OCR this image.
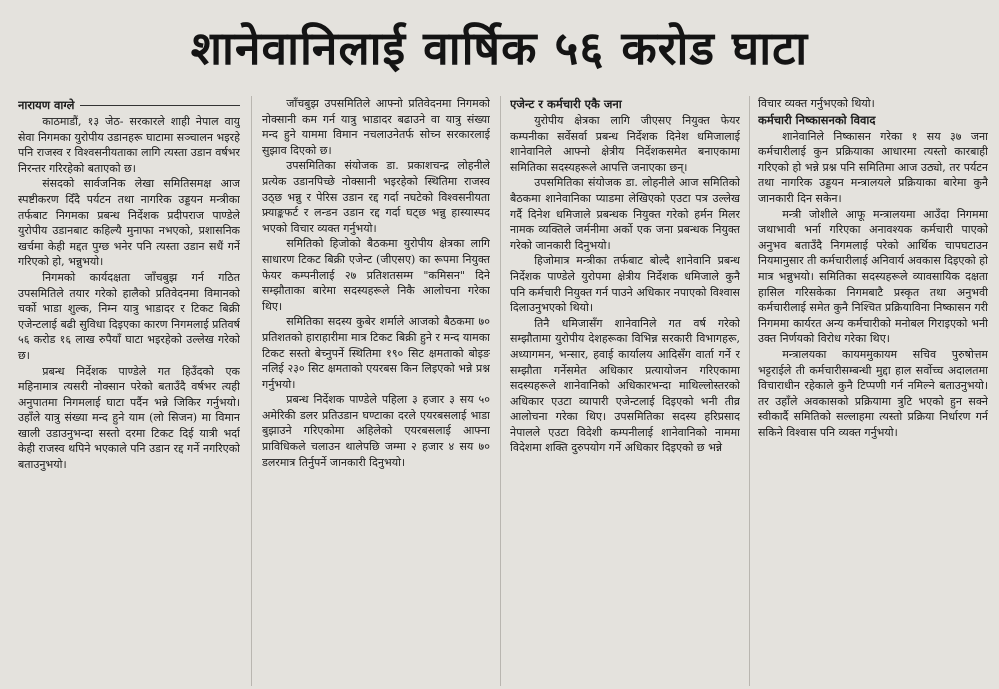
शानेवानिलाई वार्षिक ५६ करोड घाटा
नारायण वाग्ले

काठमाडौं, १३ जेठ- सरकारले शाही नेपाल वायु सेवा निगमका युरोपीय उडानहरू घाटामा सञ्चालन भइरहे पनि राजस्व र विश्वसनीयताका लागि त्यस्ता उडान वर्षभर निरन्तर गरिरहेको बताएको छ।

संसदको सार्वजनिक लेखा समितिसमक्ष आज स्पष्टीकरण दिँदै पर्यटन तथा नागरिक उड्डयन मन्त्रीका तर्फबाट निगमका प्रबन्ध निर्देशक प्रदीपराज पाण्डेले युरोपीय उडानबाट कहिल्यै मुनाफा नभएको, प्रशासनिक खर्चमा केही मद्दत पुग्छ भनेर पनि त्यस्ता उडान सधैं गर्ने गरिएको हो, भन्नुभयो।

निगमको कार्यदक्षता जाँचबुझ गर्न गठित उपसमितिले तयार गरेको हालैको प्रतिवेदनमा विमानको चर्को भाडा शुल्क, निम्न यात्रु भाडादर र टिकट बिक्री एजेन्टलाई बढी सुविधा दिइएका कारण निगमलाई प्रतिवर्ष ५६ करोड १६ लाख रुपैयाँ घाटा भइरहेको उल्लेख गरेको छ।

प्रबन्ध निर्देशक पाण्डेले गत हिउँदको एक महिनामात्र त्यसरी नोक्सान परेको बताउँदै वर्षभर त्यही अनुपातमा निगमलाई घाटा पर्दैन भन्ने जिकिर गर्नुभयो। उहाँले यात्रु संख्या मन्द हुने याम (लो सिजन) मा विमान खाली उडाउनुभन्दा सस्तो दरमा टिकट दिई यात्री भर्दा केही राजस्व थपिने भएकाले पनि उडान रद्द गर्ने नगरिएको बताउनुभयो।

जाँचबुझ उपसमितिले आफ्नो प्रतिवेदनमा निगमको नोक्सानी कम गर्न यात्रु भाडादर बढाउने वा यात्रु संख्या मन्द हुने याममा विमान नचलाउनेतर्फ सोच्न सरकारलाई सुझाव दिएको छ।

उपसमितिका संयोजक डा. प्रकाशचन्द्र लोहनीले प्रत्येक उडानपिच्छे नोक्सानी भइरहेको स्थितिमा राजस्व उठ्छ भन्नु र पेरिस उडान रद्द गर्दा नघटेको विश्वसनीयता फ्र्याङ्कफर्ट र लन्डन उडान रद्द गर्दा घट्छ भन्नु हास्यास्पद भएको विचार व्यक्त गर्नुभयो।

समितिको हिजोको बैठकमा युरोपीय क्षेत्रका लागि साधारण टिकट बिक्री एजेन्ट (जीएसए) का रूपमा नियुक्त फेयर कम्पनीलाई २७ प्रतिशतसम्म "कमिसन" दिने सम्झौताका बारेमा सदस्यहरूले निकै आलोचना गरेका थिए।

समितिका सदस्य कुबेर शर्माले आजको बैठकमा ७० प्रतिशतको हाराहारीमा मात्र टिकट बिक्री हुने र मन्द यामका टिकट सस्तो बेच्नुपर्ने स्थितिमा १९० सिट क्षमताको बोइङ नलिई २३० सिट क्षमताको एयरबस किन लिइएको भन्ने प्रश्न गर्नुभयो।

प्रबन्ध निर्देशक पाण्डेले पहिला ३ हजार ३ सय ५० अमेरिकी डलर प्रतिउडान घण्टाका दरले एयरबसलाई भाडा बुझाउने गरिएकोमा अहिलेको एयरबसलाई आफ्ना प्राविधिकले चलाउन थालेपछि जम्मा २ हजार ४ सय ७० डलरमात्र तिर्नुपर्ने जानकारी दिनुभयो।

एजेन्ट र कर्मचारी एकै जना

युरोपीय क्षेत्रका लागि जीएसए नियुक्त फेयर कम्पनीका सर्वेसर्वा प्रबन्ध निर्देशक दिनेश धमिजालाई शानेवानिले आफ्नो क्षेत्रीय निर्देशकसमेत बनाएकामा समितिका सदस्यहरूले आपत्ति जनाएका छन्।

उपसमितिका संयोजक डा. लोहनीले आज समितिको बैठकमा शानेवानिका प्याडमा लेखिएको एउटा पत्र उल्लेख गर्दै दिनेश धमिजाले प्रबन्धक नियुक्त गरेको हर्मन मिलर नामक व्यक्तिले जर्मनीमा अर्को एक जना प्रबन्धक नियुक्त गरेको जानकारी दिनुभयो।

हिजोमात्र मन्त्रीका तर्फबाट बोल्दै शानेवानि प्रबन्ध निर्देशक पाण्डेले युरोपमा क्षेत्रीय निर्देशक धमिजाले कुनै पनि कर्मचारी नियुक्त गर्न पाउने अधिकार नपाएको विश्वास दिलाउनुभएको थियो।

तिनै धमिजासँग शानेवानिले गत वर्ष गरेको सम्झौतामा युरोपीय देशहरूका विभिन्न सरकारी विभागहरू, अध्यागमन, भन्सार, हवाई कार्यालय आदिसँग वार्ता गर्ने र सम्झौता गर्नेसमेत अधिकार प्रत्यायोजन गरिएकामा सदस्यहरूले शानेवानिको अधिकारभन्दा माथिल्लोस्तरको अधिकार एउटा व्यापारी एजेन्टलाई दिइएको भनी तीव्र आलोचना गरेका थिए। उपसमितिका सदस्य हरिप्रसाद नेपालले एउटा विदेशी कम्पनीलाई शानेवानिको नाममा विदेशमा शक्ति दुरुपयोग गर्ने अधिकार दिइएको छ भन्ने

विचार व्यक्त गर्नुभएको थियो।

कर्मचारी निष्कासनको विवाद

शानेवानिले निष्कासन गरेका १ सय ३७ जना कर्मचारीलाई कुन प्रक्रियाका आधारमा त्यस्तो कारबाही गरिएको हो भन्ने प्रश्न पनि समितिमा आज उठ्यो, तर पर्यटन तथा नागरिक उड्डयन मन्त्रालयले प्रक्रियाका बारेमा कुनै जानकारी दिन सकेन।

मन्त्री जोशीले आफू मन्त्रालयमा आउँदा निगममा जथाभावी भर्ना गरिएका अनावश्यक कर्मचारी पाएको अनुभव बताउँदै निगमलाई परेको आर्थिक चापघटाउन नियमानुसार ती कर्मचारीलाई अनिवार्य अवकास दिइएको हो मात्र भन्नुभयो। समितिका सदस्यहरूले व्यावसायिक दक्षता हासिल गरिसकेका निगमबाटै प्रस्कृत तथा अनुभवी कर्मचारीलाई समेत कुनै निश्चित प्रक्रियाविना निष्कासन गरी निगममा कार्यरत अन्य कर्मचारीको मनोबल गिराइएको भनी उक्त निर्णयको विरोध गरेका थिए।

मन्त्रालयका कायममुकायम सचिव पुरुषोत्तम भट्टराईले ती कर्मचारीसम्बन्धी मुद्दा हाल सर्वोच्च अदालतमा विचाराधीन रहेकाले कुनै टिप्पणी गर्न नमिल्ने बताउनुभयो। तर उहाँले अवकासको प्रक्रियामा त्रुटि भएको हुन सक्ने स्वीकार्दै समितिको सल्लाहमा त्यस्तो प्रक्रिया निर्धारण गर्न सकिने विश्वास पनि व्यक्त गर्नुभयो।
